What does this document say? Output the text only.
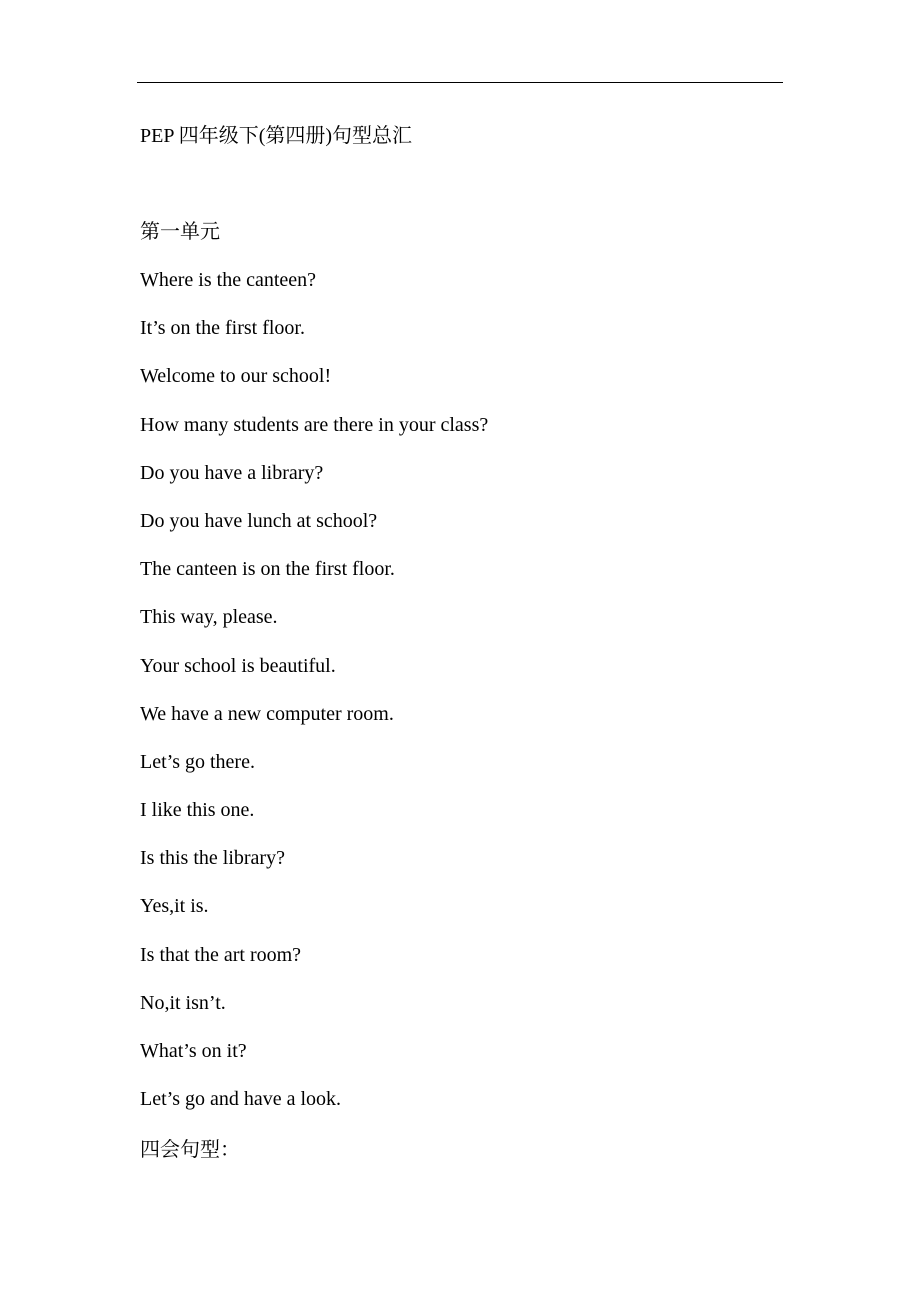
PEP 四年级下(第四册)句型总汇
第一单元
Where is the canteen?
It’s on the first floor.
Welcome to our school!
How many students are there in your class?
Do you have a library?
Do you have lunch at school?
The canteen is on the first floor.
This way, please.
Your school is beautiful.
We have a new computer room.
Let’s go there.
I like this one.
Is this the library?
Yes,it is.
Is that the art room?
No,it isn’t.
What’s on it?
Let’s go and have a look.
四会句型：
